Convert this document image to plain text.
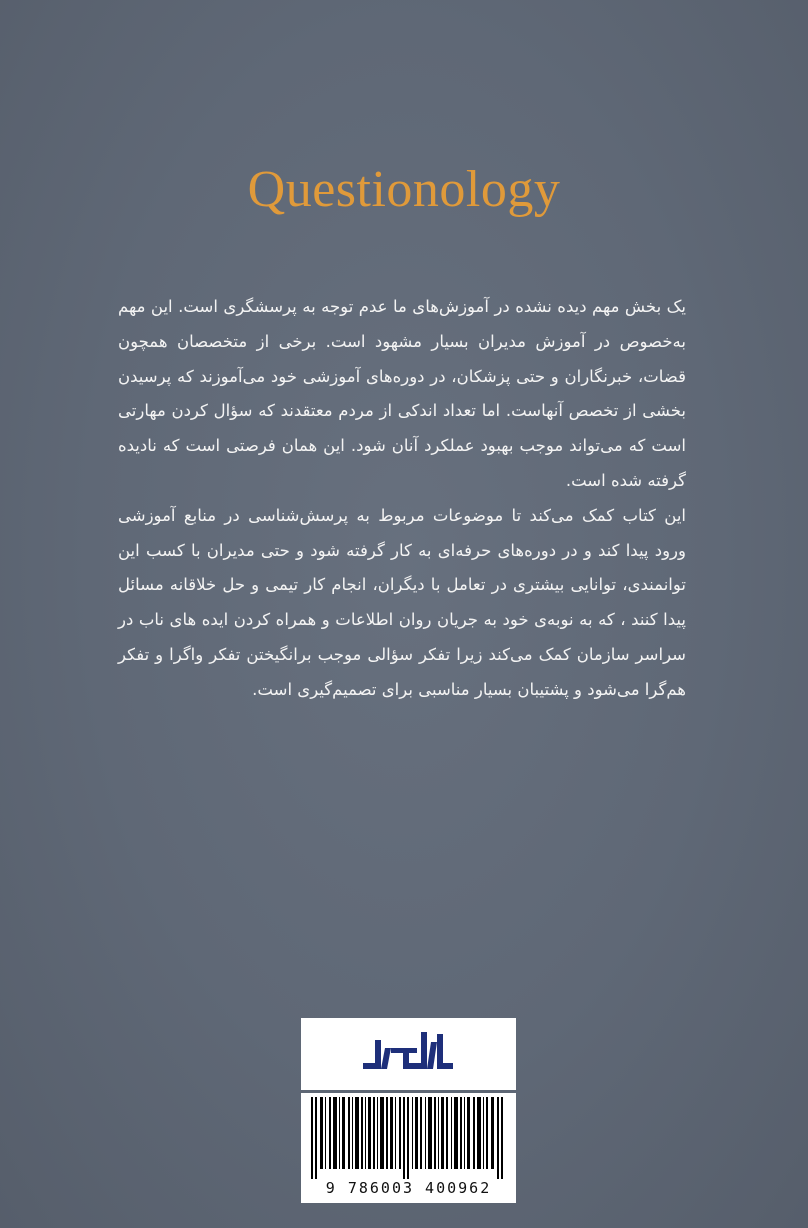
Questionology

یک بخش مهم دیده نشده در آموزش‌های ما عدم توجه به پرسشگری است. این مهم به‌خصوص در آموزش مدیران بسیار مشهود است. برخی از متخصصان همچون قضات، خبرنگاران و حتی پزشکان، در دوره‌های آموزشی خود می‌آموزند که پرسیدن بخشی از تخصص آنهاست. اما تعداد اندکی از مردم معتقدند که سؤال کردن مهارتی است که می‌تواند موجب بهبود عملکرد آنان شود. این همان فرصتی است که نادیده گرفته شده است.

این کتاب کمک می‌کند تا موضوعات مربوط به پرسش‌شناسی در منابع آموزشی ورود پیدا کند و در دوره‌های حرفه‌ای به کار گرفته شود و حتی مدیران با کسب این توانمندی، توانایی بیشتری در تعامل با دیگران، انجام کار تیمی و حل خلاقانه مسائل پیدا کنند ، که به نوبه‌ی خود به جریان روان اطلاعات و همراه کردن ایده های ناب در سراسر سازمان کمک می‌کند زیرا تفکر سؤالی موجب برانگیختن تفکر واگرا و تفکر هم‌گرا می‌شود و پشتیبان بسیار مناسبی برای تصمیم‌گیری است.

9 786003 400962
